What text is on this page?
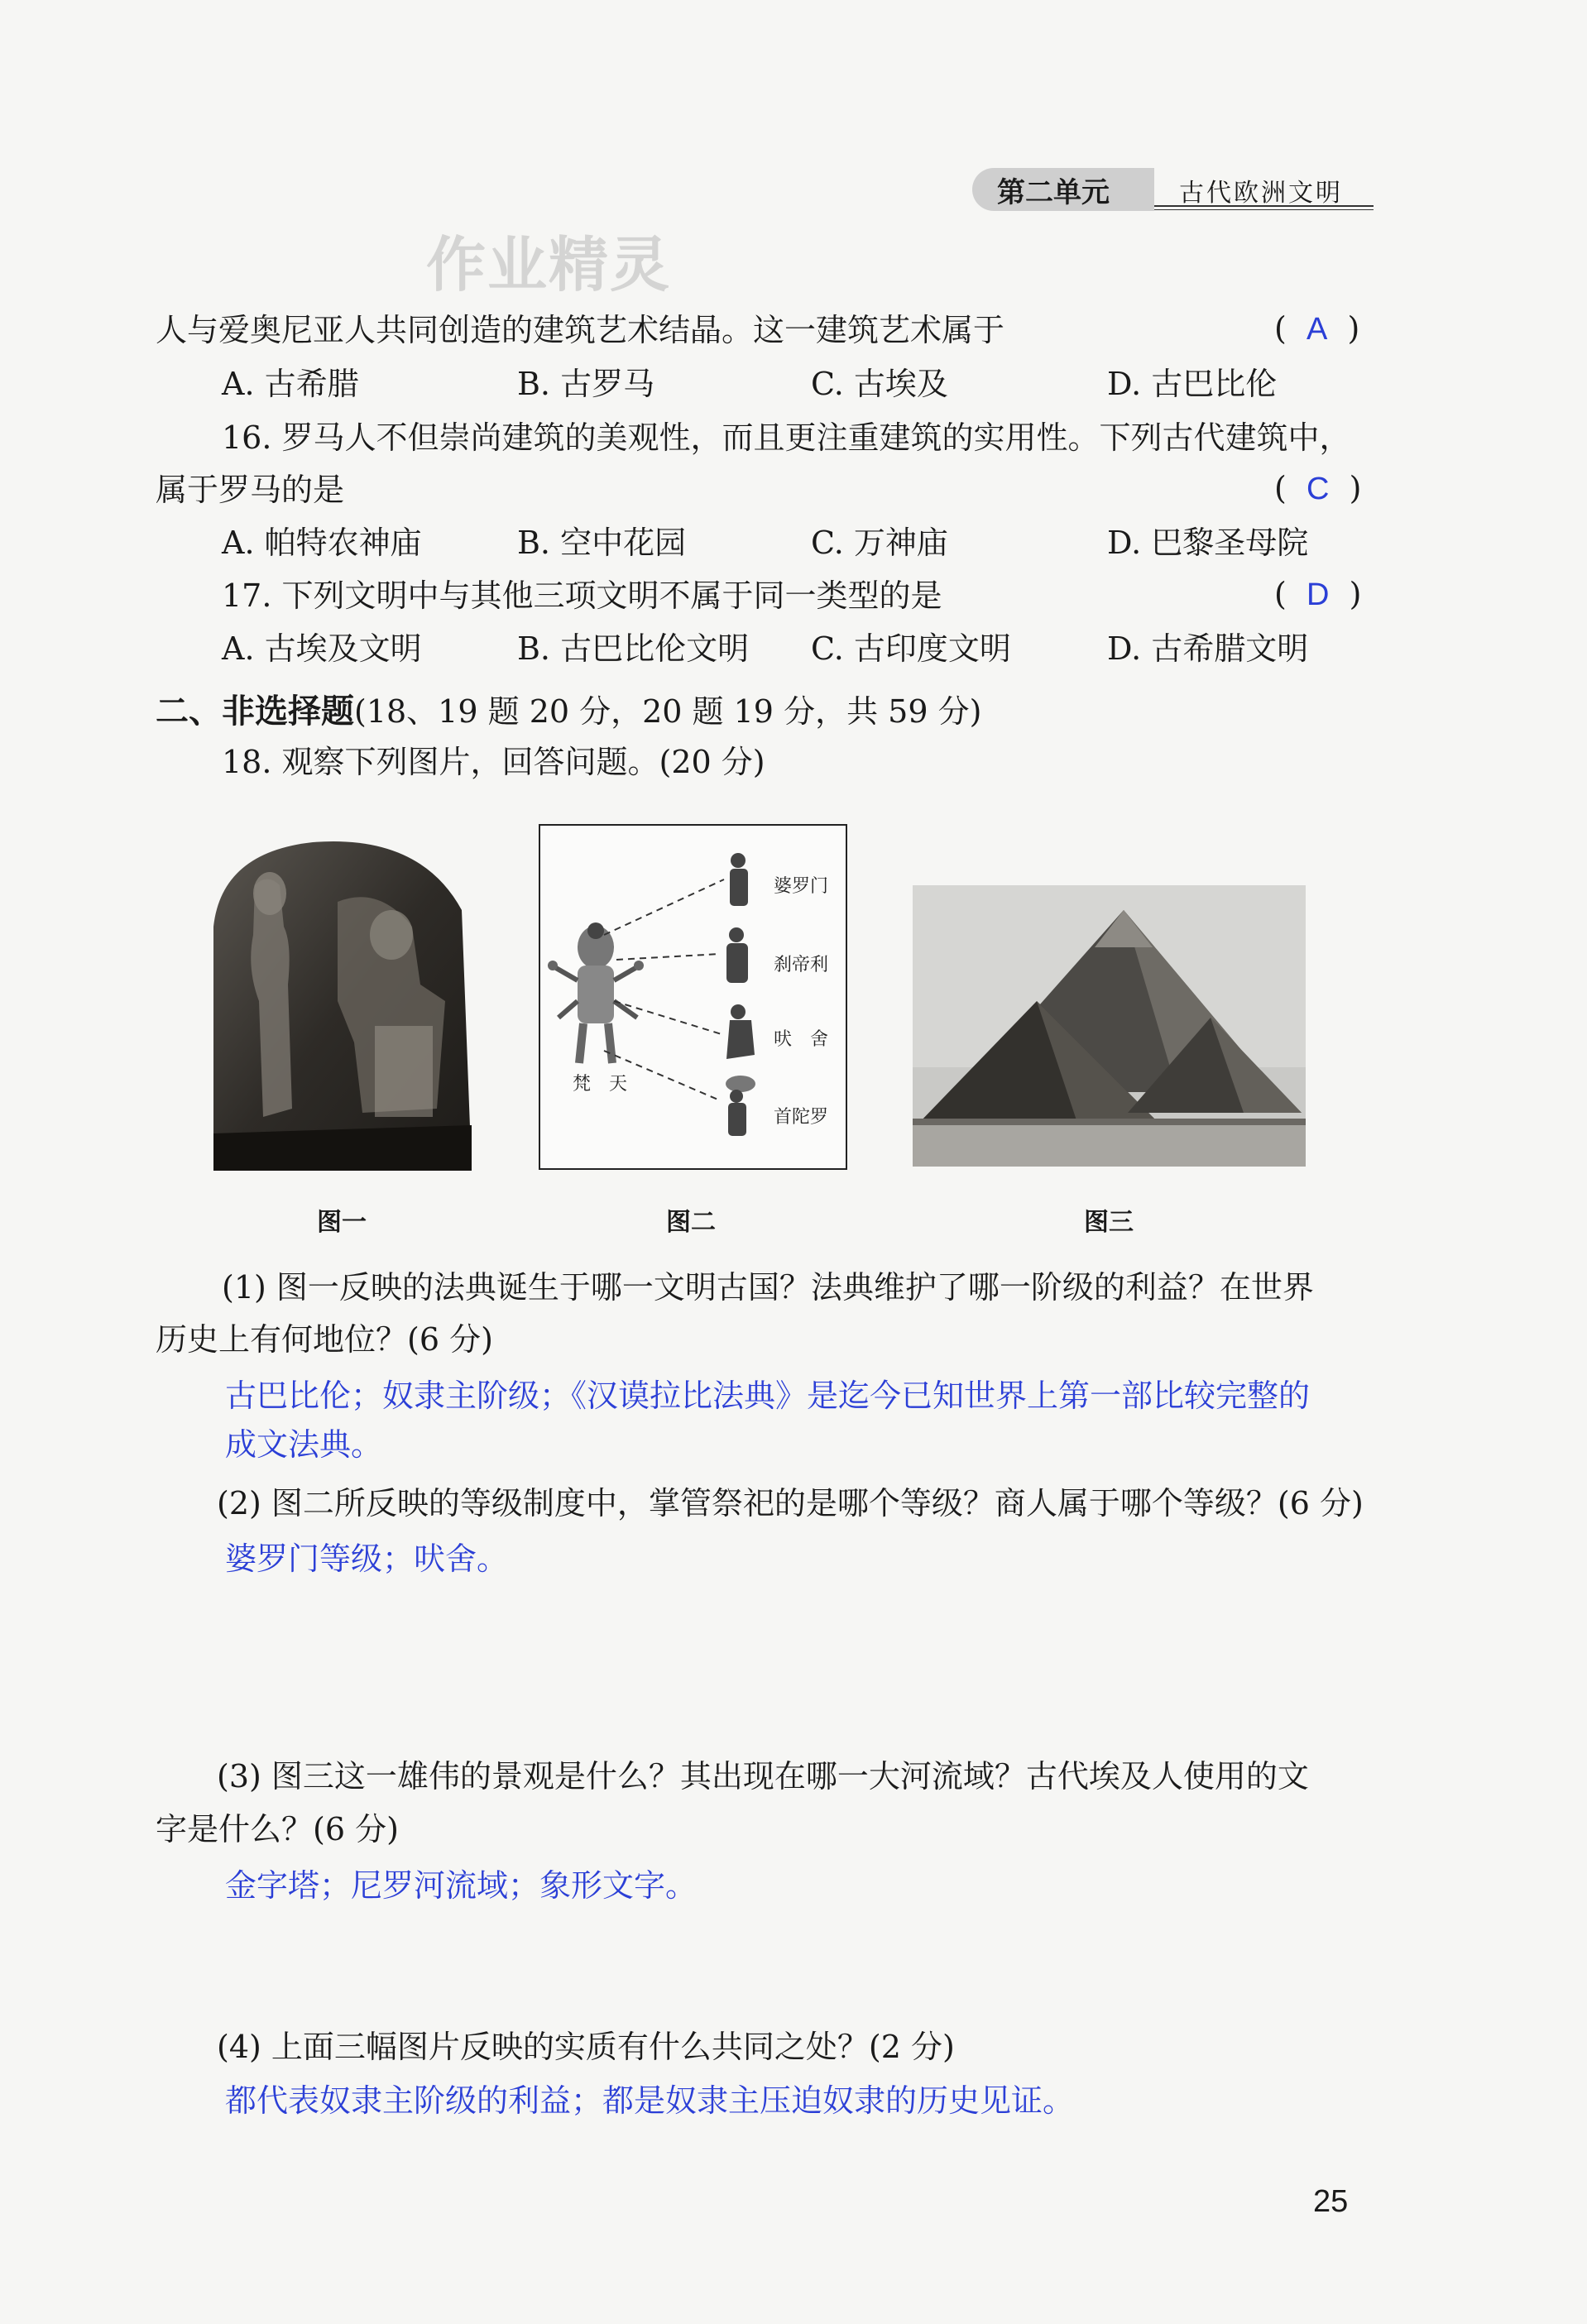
第二单元	古代欧洲文明
作业精灵
人与爱奥尼亚人共同创造的建筑艺术结晶。这一建筑艺术属于	( A )
A. 古希腊	B. 古罗马	C. 古埃及	D. 古巴比伦
16. 罗马人不但崇尚建筑的美观性，而且更注重建筑的实用性。下列古代建筑中，
属于罗马的是	( C )
A. 帕特农神庙	B. 空中花园	C. 万神庙	D. 巴黎圣母院
17. 下列文明中与其他三项文明不属于同一类型的是	( D )
A. 古埃及文明	B. 古巴比伦文明 C. 古印度文明	D. 古希腊文明
二、非选择题(18、19 题 20 分，20 题 19 分，共 59 分)
18. 观察下列图片，回答问题。(20 分)
婆罗门
刹帝利
吠　舍
首陀罗
梵　天
图一	图二	图三
(1) 图一反映的法典诞生于哪一文明古国？法典维护了哪一阶级的利益？在世界
历史上有何地位？(6 分)
古巴比伦；奴隶主阶级；《汉谟拉比法典》是迄今已知世界上第一部比较完整的
成文法典。
(2) 图二所反映的等级制度中，掌管祭祀的是哪个等级？商人属于哪个等级？(6 分)
婆罗门等级；吠舍。
(3) 图三这一雄伟的景观是什么？其出现在哪一大河流域？古代埃及人使用的文
字是什么？(6 分)
金字塔；尼罗河流域；象形文字。
(4) 上面三幅图片反映的实质有什么共同之处？(2 分)
都代表奴隶主阶级的利益；都是奴隶主压迫奴隶的历史见证。
25
